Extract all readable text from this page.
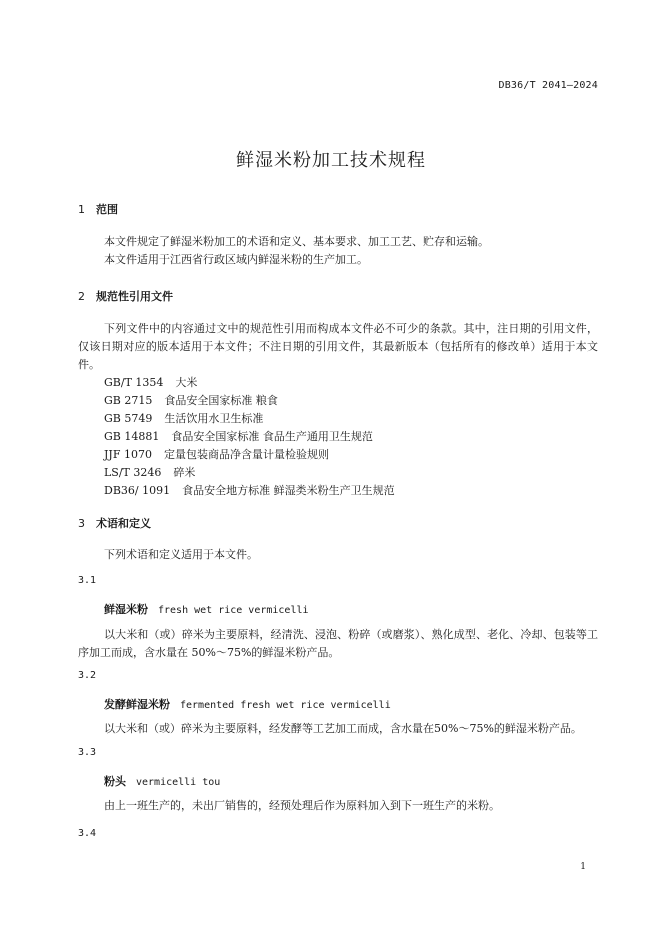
DB36/T 2041—2024
鲜湿米粉加工技术规程
1 范围
本文件规定了鲜湿米粉加工的术语和定义、基本要求、加工工艺、贮存和运输。
本文件适用于江西省行政区域内鲜湿米粉的生产加工。
2 规范性引用文件
下列文件中的内容通过文中的规范性引用而构成本文件必不可少的条款。其中，注日期的引用文件，仅该日期对应的版本适用于本文件；不注日期的引用文件，其最新版本（包括所有的修改单）适用于本文件。
GB/T 1354 大米
GB 2715 食品安全国家标准 粮食
GB 5749 生活饮用水卫生标准
GB 14881 食品安全国家标准 食品生产通用卫生规范
JJF 1070 定量包装商品净含量计量检验规则
LS/T 3246 碎米
DB36/ 1091 食品安全地方标准 鲜湿类米粉生产卫生规范
3 术语和定义
下列术语和定义适用于本文件。
3.1
鲜湿米粉 fresh wet rice vermicelli
以大米和（或）碎米为主要原料，经清洗、浸泡、粉碎（或磨浆）、熟化成型、老化、冷却、包装等工序加工而成，含水量在 50%～75%的鲜湿米粉产品。
3.2
发酵鲜湿米粉 fermented fresh wet rice vermicelli
以大米和（或）碎米为主要原料，经发酵等工艺加工而成，含水量在50%～75%的鲜湿米粉产品。
3.3
粉头 vermicelli tou
由上一班生产的，未出厂销售的，经预处理后作为原料加入到下一班生产的米粉。
3.4
1
